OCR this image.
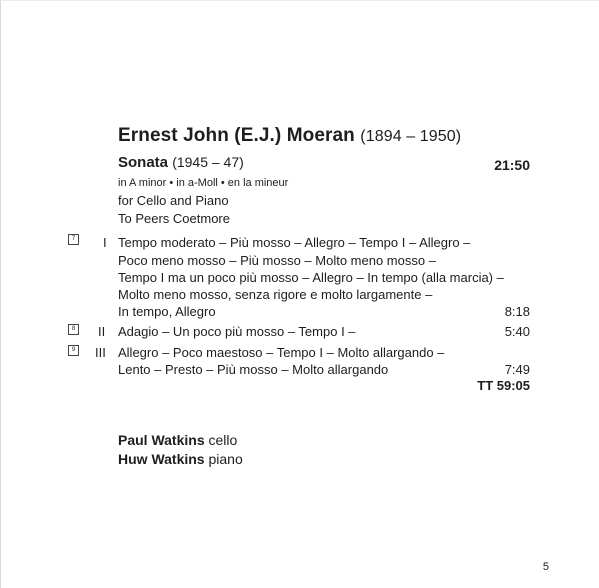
Ernest John (E.J.) Moeran (1894 – 1950)
Sonata (1945 – 47)	21:50
in A minor • in a-Moll • en la mineur
for Cello and Piano
To Peers Coetmore
7 I Tempo moderato – Più mosso – Allegro – Tempo I – Allegro –
Poco meno mosso – Più mosso – Molto meno mosso –
Tempo I ma un poco più mosso – Allegro – In tempo (alla marcia) –
Molto meno mosso, senza rigore e molto largamente –
In tempo, Allegro	8:18
8 II Adagio – Un poco più mosso – Tempo I –	5:40
9 III Allegro – Poco maestoso – Tempo I – Molto allargando –
Lento – Presto – Più mosso – Molto allargando	7:49
TT 59:05
Paul Watkins cello
Huw Watkins piano
5
